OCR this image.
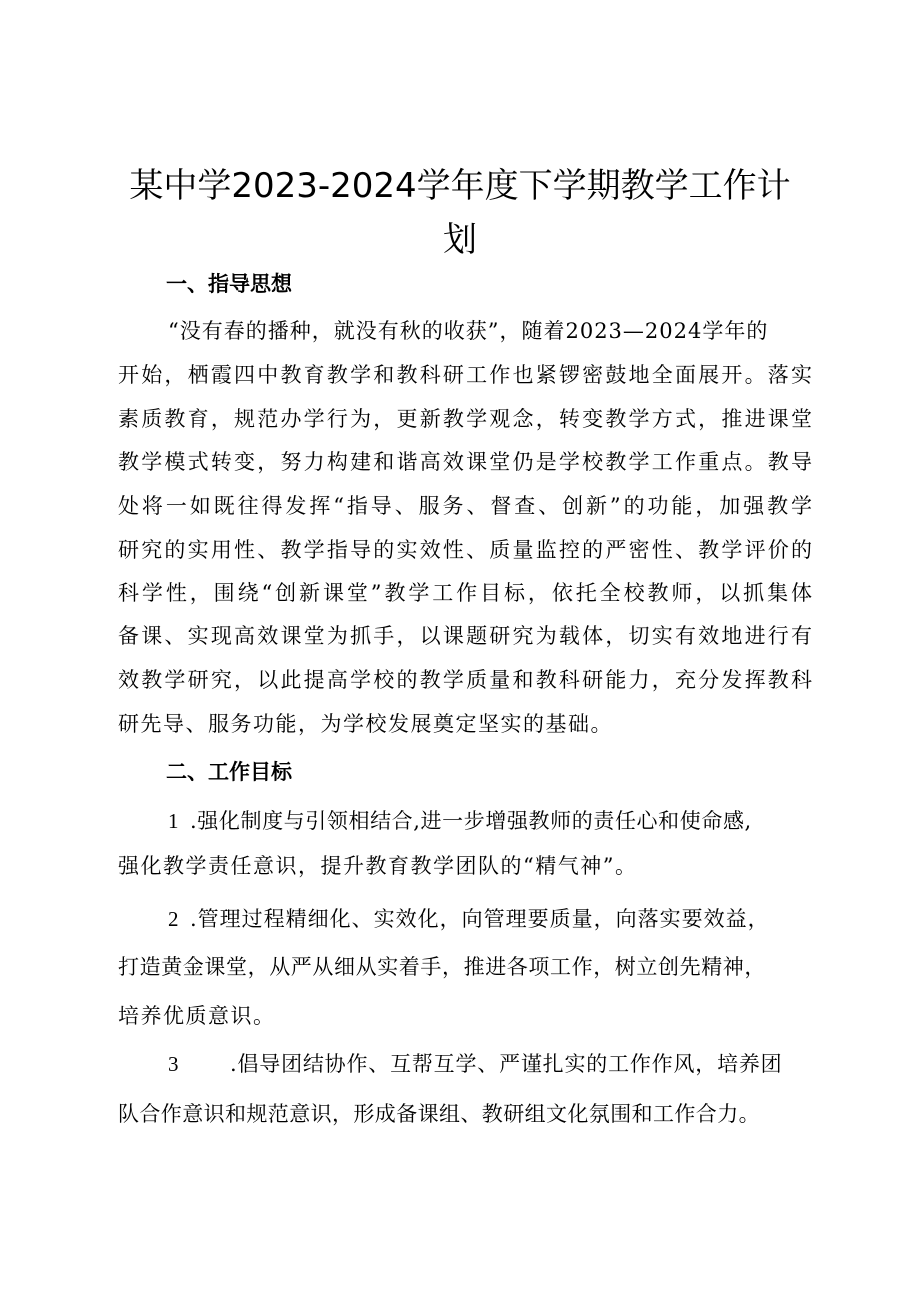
某中学2023-2024学年度下学期教学工作计
划
一、指导思想
“没有春的播种，就没有秋的收获”，随着2023—2024学年的
开始，栖霞四中教育教学和教科研工作也紧锣密鼓地全面展开。落实
素质教育，规范办学行为，更新教学观念，转变教学方式，推进课堂
教学模式转变，努力构建和谐高效课堂仍是学校教学工作重点。教导
处将一如既往得发挥“指导、服务、督查、创新”的功能，加强教学
研究的实用性、教学指导的实效性、质量监控的严密性、教学评价的
科学性，围绕“创新课堂”教学工作目标，依托全校教师，以抓集体
备课、实现高效课堂为抓手，以课题研究为载体，切实有效地进行有
效教学研究，以此提高学校的教学质量和教科研能力，充分发挥教科
研先导、服务功能，为学校发展奠定坚实的基础。
二、工作目标
1 .强化制度与引领相结合,进一步增强教师的责任心和使命感,
强化教学责任意识，提升教育教学团队的“精气神”。
2 .管理过程精细化、实效化，向管理要质量，向落实要效益，
打造黄金课堂，从严从细从实着手，推进各项工作，树立创先精神，
培养优质意识。
3 .倡导团结协作、互帮互学、严谨扎实的工作作风，培养团
队合作意识和规范意识，形成备课组、教研组文化氛围和工作合力。
